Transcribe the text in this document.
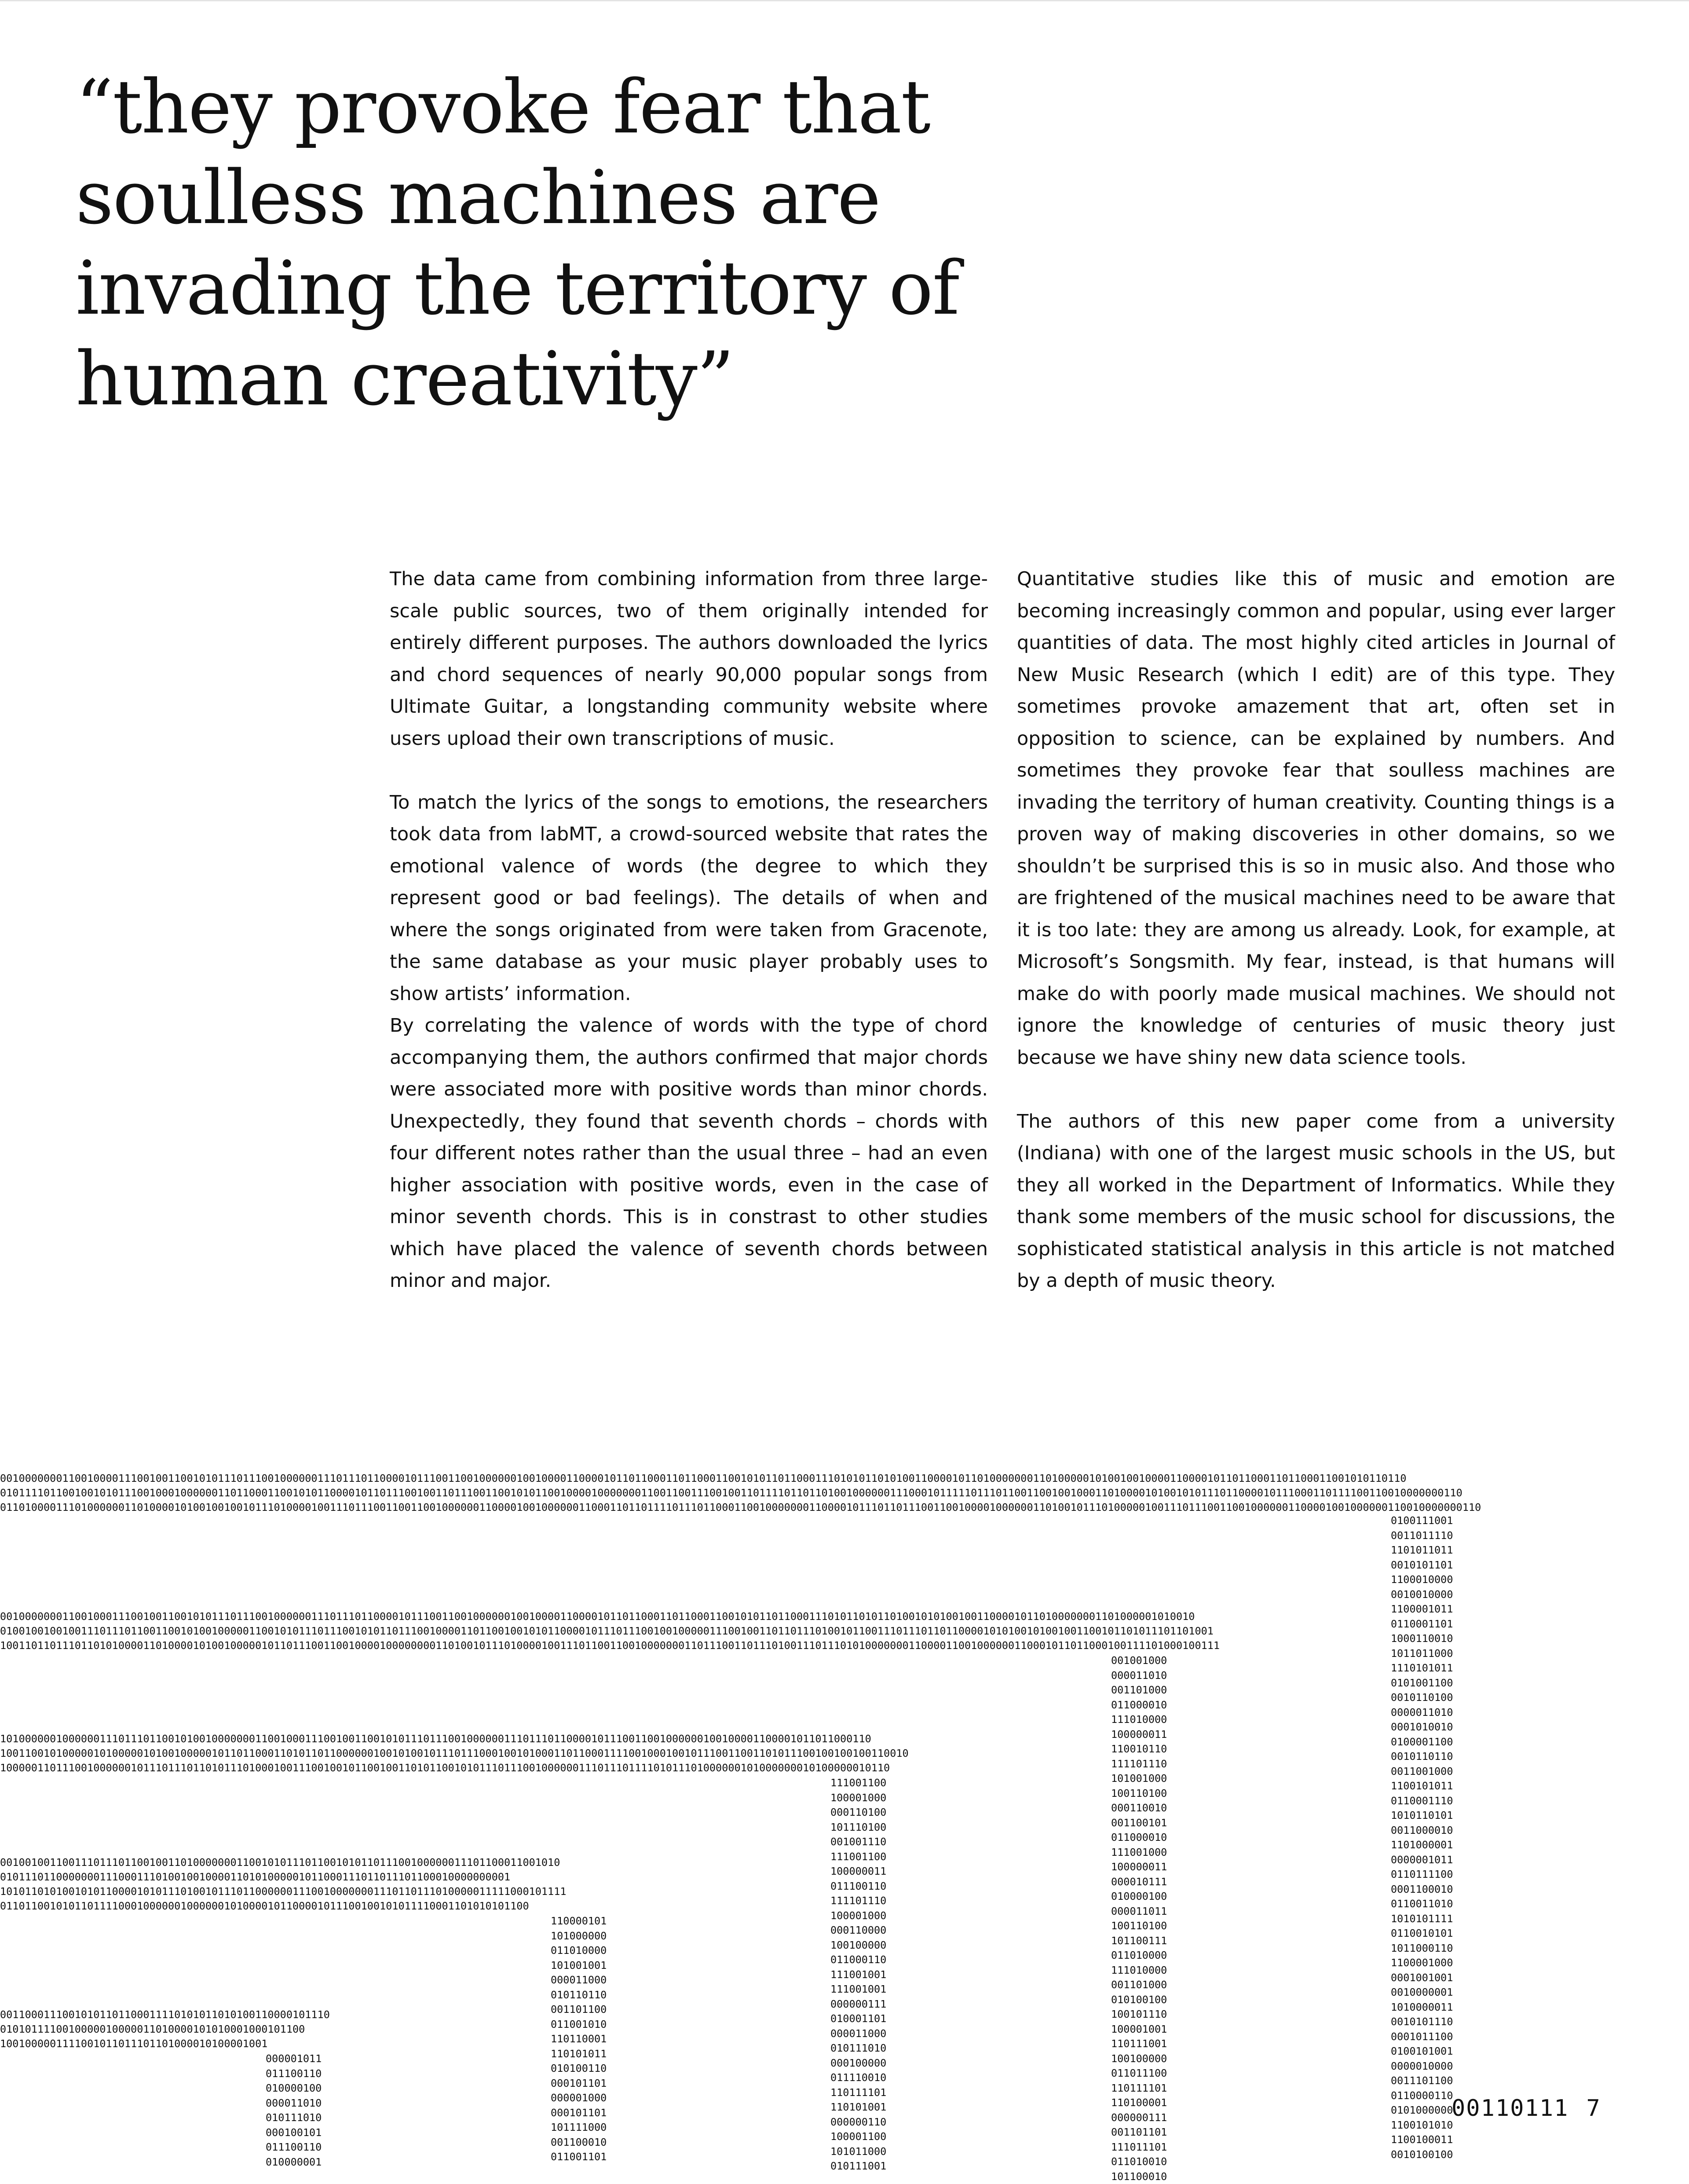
“they provoke fear that
soulless machines are
invading the territory of
human creativity”

The data came from combining information from three large-scale public sources, two of them originally intended for entirely different purposes. The authors downloaded the lyrics and chord sequences of nearly 90,000 popular songs from Ultimate Guitar, a longstanding community website where users upload their own transcriptions of music.

To match the lyrics of the songs to emotions, the researchers took data from labMT, a crowd-sourced website that rates the emotional valence of words (the degree to which they represent good or bad feelings). The details of when and where the songs originated from were taken from Gracenote, the same database as your music player probably uses to show artists’ information.

By correlating the valence of words with the type of chord accompanying them, the authors confirmed that major chords were associated more with positive words than minor chords. Unexpectedly, they found that seventh chords – chords with four different notes rather than the usual three – had an even higher association with positive words, even in the case of minor seventh chords. This is in constrast to other studies which have placed the valence of seventh chords between minor and major.

Quantitative studies like this of music and emotion are becoming increasingly common and popular, using ever larger quantities of data. The most highly cited articles in Journal of New Music Research (which I edit) are of this type. They sometimes provoke amazement that art, often set in opposition to science, can be explained by numbers. And sometimes they provoke fear that soulless machines are invading the territory of human creativity. Counting things is a proven way of making discoveries in other domains, so we shouldn’t be surprised this is so in music also. And those who are frightened of the musical machines need to be aware that it is too late: they are among us already. Look, for example, at Microsoft’s Songsmith. My fear, instead, is that humans will make do with poorly made musical machines. We should not ignore the knowledge of centuries of music theory just because we have shiny new data science tools.

The authors of this new paper come from a university (Indiana) with one of the largest music schools in the US, but they all worked in the Department of Informatics. While they thank some members of the music school for discussions, the sophisticated statistical analysis in this article is not matched by a depth of music theory.

0010000000110010000111001001100101011101110010000001110111011000010111001100100000010010000110000101101100011011000110010101101100011101010110101001100001011010000000110100000101001001000011000010110110001101100011001010110110
0101111011001001010111001000100000011011000110010101100001011011100100110111001100101011001000010000000110011001110010011011110110110100100000011100010111110111011001100100100011010000101001010111011000010111000110111100110010000000110
0110100001110100000011010000101001001001011101000010011101110011001100100000011000010010000001100011011011110111011000110010000000110000101110110111001100100001000000110100101110100000100111011100110010000001100001001000000110010000000110
0100111001
0011011110
1101011011
0010101101
1100010000
0010010000
1100001011
0110001101
1000110010
1011011000
1110101011
0101001100
0010110100
0000011010
0001010010
0100001100
0010110110
0011001000
1100101011
0110001110
1010110101
0011000010
1101000001
0000001011
0110111100
0001100010
0110011010
1010101111
0110010101
1011000110
1100001000
0001001001
0010000001
1010000011
0010101110
0001011100
0100101001
0000010000
0011101100
0110000110
0101000000
1100101010
1100100011
0010100100
001000000011001000111001001100101011101110010000001110111011000010111001100100000010010000110000101101100011011000110010101101100011101011010110100101010010011000010110100000001101000001010010
010010010010011101110110011001010010000011001010111011100101011011100100001101100100101011000010111011100100100000111001001101101110100101100111011101101100001010100101001001100101101011101101001
1001101101110110101000011010000101001000001011011100110010000100000000110100101110100001001110110011001000000011011100110111010011101110101000000011000011001000000110001011011000100111101000100111
001001000
000011010
001101000
011000010
111010000
100000011
110010110
111101110
101001000
100110100
000110010
001100101
011000010
111001000
100000011
000010111
010000100
000011011
100110100
101100111
011010000
111010000
001101000
010100100
100101110
100001001
110111001
100100000
011011100
110111101
110100001
000000111
001101101
111011101
011010010
101100010
10100000010000001110111011001010010000000110010001110010011001010111011100100000011101110110000101110011001000000100100001100001011011000110
10011001010000010100000101001000001011011000110101101100000010010100101110111000100101000110110001111001000100101110011001101011100100100100110010
10000011011100100000010111011101101011101000100111001001011001001101011001010111011100100000011101110111101011101000000101000000010100000010110
111001100
100001000
000110100
101110100
001001110
111001100
100000011
011100110
111101110
100001000
000110000
100100000
011000110
111001001
111001001
000000111
010001101
000011000
010111010
000100000
011110010
110111101
110101001
000000110
100001100
101011000
010111001
001001001100111011101100100110100000001100101011101100101011011100100000011101100011001010
0101110110000000111000111010010010000110101000001011000111011011101100010000000001
1010110101001010110000101011101001011101100000011100100000001110110111010000011111000101111
0110110010101101111000100000010000001010000101100001011100100101011110001101010101100
110000101
101000000
011010000
101001001
000011000
010110110
001101100
011001010
110110001
110101011
010100110
000101101
000001000
000101101
101111000
001100010
011001101
00110001110010101101100011110101011010100110000101110
0101011110010000010000011010000101010001000101100
1001000001111001011011101101000010100001001
000001011
011100110
010000100
000011010
010111010
000100101
011100110
010000001
00110111 7
